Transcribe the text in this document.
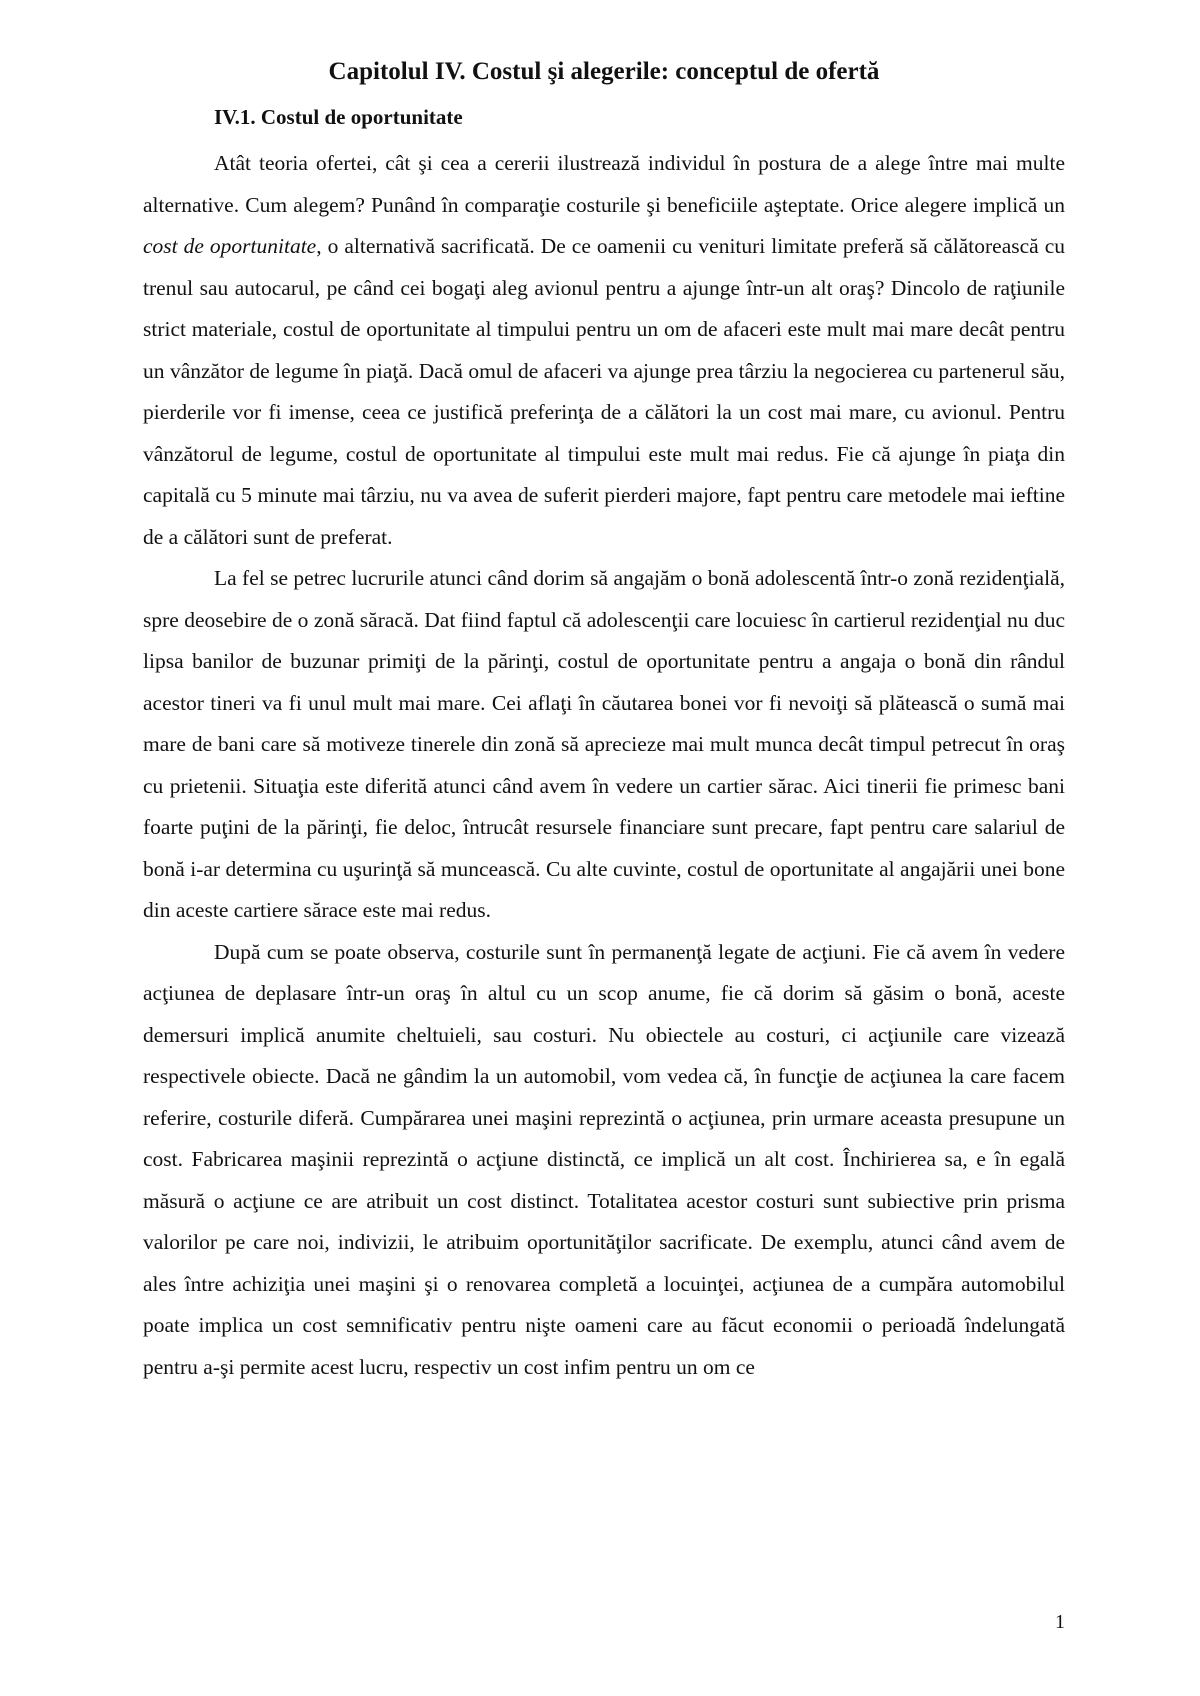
Capitolul IV. Costul şi alegerile: conceptul de ofertă
IV.1. Costul de oportunitate

Atât teoria ofertei, cât şi cea a cererii ilustrează individul în postura de a alege între mai multe alternative. Cum alegem? Punând în comparaţie costurile şi beneficiile aşteptate. Orice alegere implică un cost de oportunitate, o alternativă sacrificată. De ce oamenii cu venituri limitate preferă să călătorească cu trenul sau autocarul, pe când cei bogaţi aleg avionul pentru a ajunge într-un alt oraş? Dincolo de raţiunile strict materiale, costul de oportunitate al timpului pentru un om de afaceri este mult mai mare decât pentru un vânzător de legume în piaţă. Dacă omul de afaceri va ajunge prea târziu la negocierea cu partenerul său, pierderile vor fi imense, ceea ce justifică preferinţa de a călători la un cost mai mare, cu avionul. Pentru vânzătorul de legume, costul de oportunitate al timpului este mult mai redus. Fie că ajunge în piaţa din capitală cu 5 minute mai târziu, nu va avea de suferit pierderi majore, fapt pentru care metodele mai ieftine de a călători sunt de preferat.

La fel se petrec lucrurile atunci când dorim să angajăm o bonă adolescentă într-o zonă rezidenţială, spre deosebire de o zonă săracă. Dat fiind faptul că adolescenţii care locuiesc în cartierul rezidenţial nu duc lipsa banilor de buzunar primiţi de la părinţi, costul de oportunitate pentru a angaja o bonă din rândul acestor tineri va fi unul mult mai mare. Cei aflaţi în căutarea bonei vor fi nevoiţi să plătească o sumă mai mare de bani care să motiveze tinerele din zonă să aprecieze mai mult munca decât timpul petrecut în oraş cu prietenii. Situaţia este diferită atunci când avem în vedere un cartier sărac. Aici tinerii fie primesc bani foarte puţini de la părinţi, fie deloc, întrucât resursele financiare sunt precare, fapt pentru care salariul de bonă i-ar determina cu uşurinţă să muncească. Cu alte cuvinte, costul de oportunitate al angajării unei bone din aceste cartiere sărace este mai redus.

După cum se poate observa, costurile sunt în permanenţă legate de acţiuni. Fie că avem în vedere acţiunea de deplasare într-un oraş în altul cu un scop anume, fie că dorim să găsim o bonă, aceste demersuri implică anumite cheltuieli, sau costuri. Nu obiectele au costuri, ci acţiunile care vizează respectivele obiecte. Dacă ne gândim la un automobil, vom vedea că, în funcţie de acţiunea la care facem referire, costurile diferă. Cumpărarea unei maşini reprezintă o acţiunea, prin urmare aceasta presupune un cost. Fabricarea maşinii reprezintă o acţiune distinctă, ce implică un alt cost. Închirierea sa, e în egală măsură o acţiune ce are atribuit un cost distinct. Totalitatea acestor costuri sunt subiective prin prisma valorilor pe care noi, indivizii, le atribuim oportunităţilor sacrificate. De exemplu, atunci când avem de ales între achiziţia unei maşini şi o renovarea completă a locuinţei, acţiunea de a cumpăra automobilul poate implica un cost semnificativ pentru nişte oameni care au făcut economii o perioadă îndelungată pentru a-şi permite acest lucru, respectiv un cost infim pentru un om ce

1
